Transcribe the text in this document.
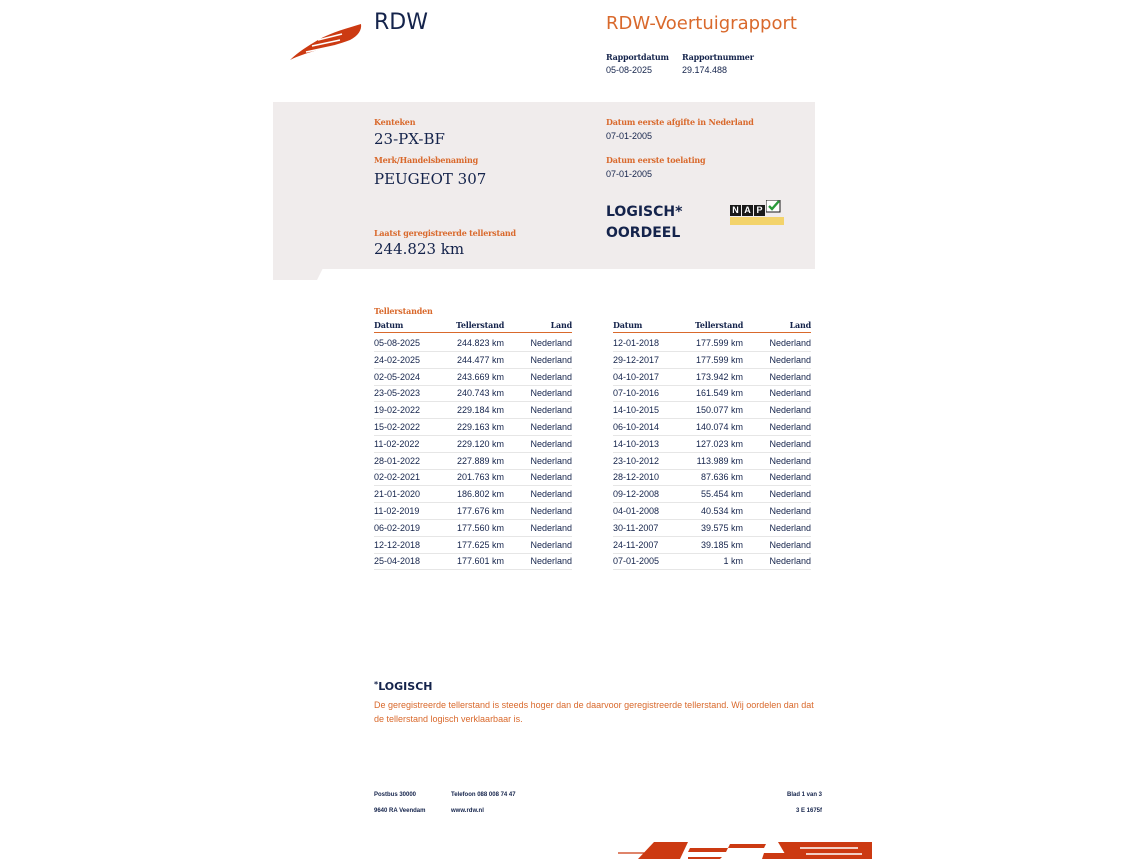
RDW	RDW-Voertuigrapport
Rapportdatum
05-08-2025
Rapportnummer
29.174.488
Kenteken
23-PX-BF
Merk/Handelsbenaming
PEUGEOT 307
Laatst geregistreerde tellerstand
244.823 km
Datum eerste afgifte in Nederland
07-01-2005
Datum eerste toelating
07-01-2005
LOGISCH*
OORDEEL
N A P
Tellerstanden
Datum	Tellerstand	Land
05-08-2025	244.823 km	Nederland
24-02-2025	244.477 km	Nederland
02-05-2024	243.669 km	Nederland
23-05-2023	240.743 km	Nederland
19-02-2022	229.184 km	Nederland
15-02-2022	229.163 km	Nederland
11-02-2022	229.120 km	Nederland
28-01-2022	227.889 km	Nederland
02-02-2021	201.763 km	Nederland
21-01-2020	186.802 km	Nederland
11-02-2019	177.676 km	Nederland
06-02-2019	177.560 km	Nederland
12-12-2018	177.625 km	Nederland
25-04-2018	177.601 km	Nederland
Datum	Tellerstand	Land
12-01-2018	177.599 km	Nederland
29-12-2017	177.599 km	Nederland
04-10-2017	173.942 km	Nederland
07-10-2016	161.549 km	Nederland
14-10-2015	150.077 km	Nederland
06-10-2014	140.074 km	Nederland
14-10-2013	127.023 km	Nederland
23-10-2012	113.989 km	Nederland
28-12-2010	87.636 km	Nederland
09-12-2008	55.454 km	Nederland
04-01-2008	40.534 km	Nederland
30-11-2007	39.575 km	Nederland
24-11-2007	39.185 km	Nederland
07-01-2005	1 km	Nederland
*LOGISCH
De geregistreerde tellerstand is steeds hoger dan de daarvoor geregistreerde tellerstand. Wij oordelen dan dat de tellerstand logisch verklaarbaar is.
Postbus 30000
9640 RA Veendam
Telefoon 088 008 74 47
www.rdw.nl
Blad 1 van 3
3 E 1675f
